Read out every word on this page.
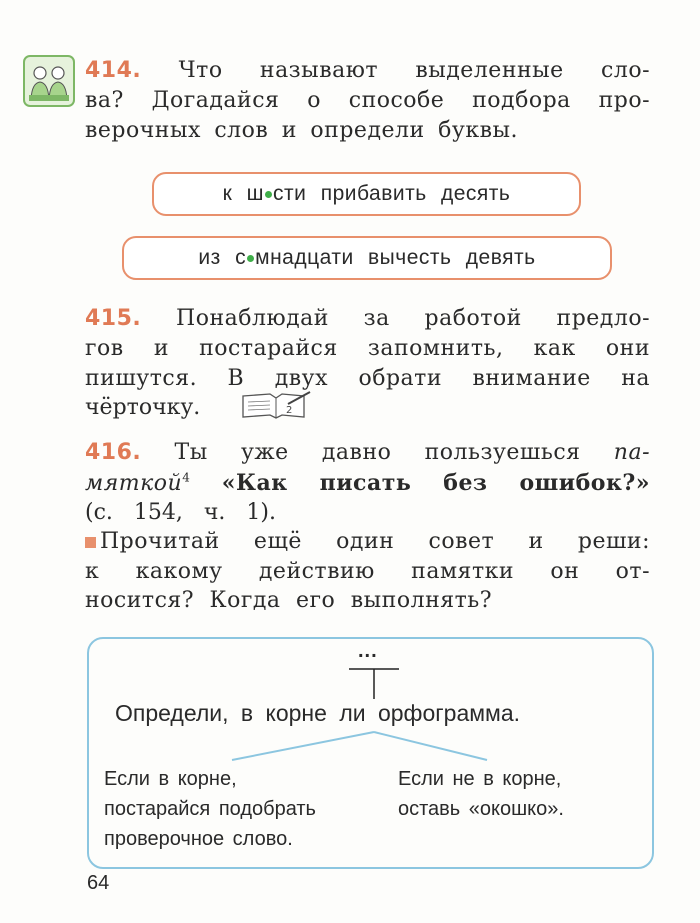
414. Что называют выделенные сло-
ва? Догадайся о способе подбора про-
верочных слов и определи буквы.
к ш сти прибавить десять
из с мнадцати вычесть девять
415. Понаблюдай за работой предло-
гов и постарайся запомнить, как они
пишутся. В двух обрати внимание на
чёрточку.	2
416. Ты уже давно пользуешься па-
мяткой$^4$ «Как писать без ошибок?»
(с.   154,   ч.   1).
Прочитай ещё один совет и реши:
к какому действию памятки он от-
носится? Когда его выполнять?
...
Определи, в корне ли орфограмма.
Если в корне,
постарайся подобрать
проверочное слово.
Если не в корне,
оставь «окошко».
64
